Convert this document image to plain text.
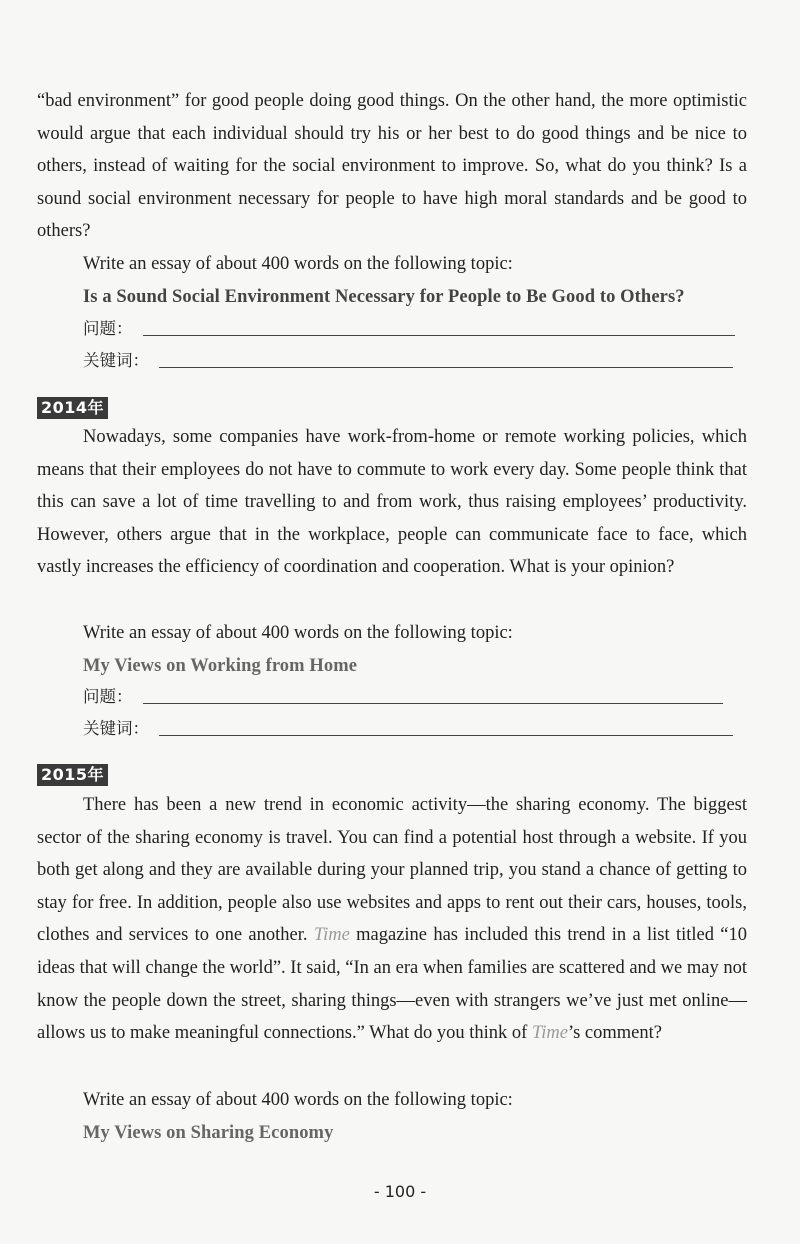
“bad environment” for good people doing good things. On the other hand, the more optimistic would argue that each individual should try his or her best to do good things and be nice to others, instead of waiting for the social environment to improve. So, what do you think? Is a sound social environment necessary for people to have high moral standards and be good to others?

Write an essay of about 400 words on the following topic:

Is a Sound Social Environment Necessary for People to Be Good to Others?

问题：
关键词：
2014年

Nowadays, some companies have work-from-home or remote working policies, which means that their employees do not have to commute to work every day. Some people think that this can save a lot of time travelling to and from work, thus raising employees’ productivity. However, others argue that in the workplace, people can communicate face to face, which vastly increases the efficiency of coordination and cooperation. What is your opinion?

Write an essay of about 400 words on the following topic:

My Views on Working from Home

问题：
关键词：
2015年

There has been a new trend in economic activity—the sharing economy. The biggest sector of the sharing economy is travel. You can find a potential host through a website. If you both get along and they are available during your planned trip, you stand a chance of getting to stay for free. In addition, people also use websites and apps to rent out their cars, houses, tools, clothes and services to one another. Time magazine has included this trend in a list titled “10 ideas that will change the world”. It said, “In an era when families are scattered and we may not know the people down the street, sharing things—even with strangers we’ve just met online—allows us to make meaningful connections.” What do you think of Time’s comment?

Write an essay of about 400 words on the following topic:

My Views on Sharing Economy

- 100 -
